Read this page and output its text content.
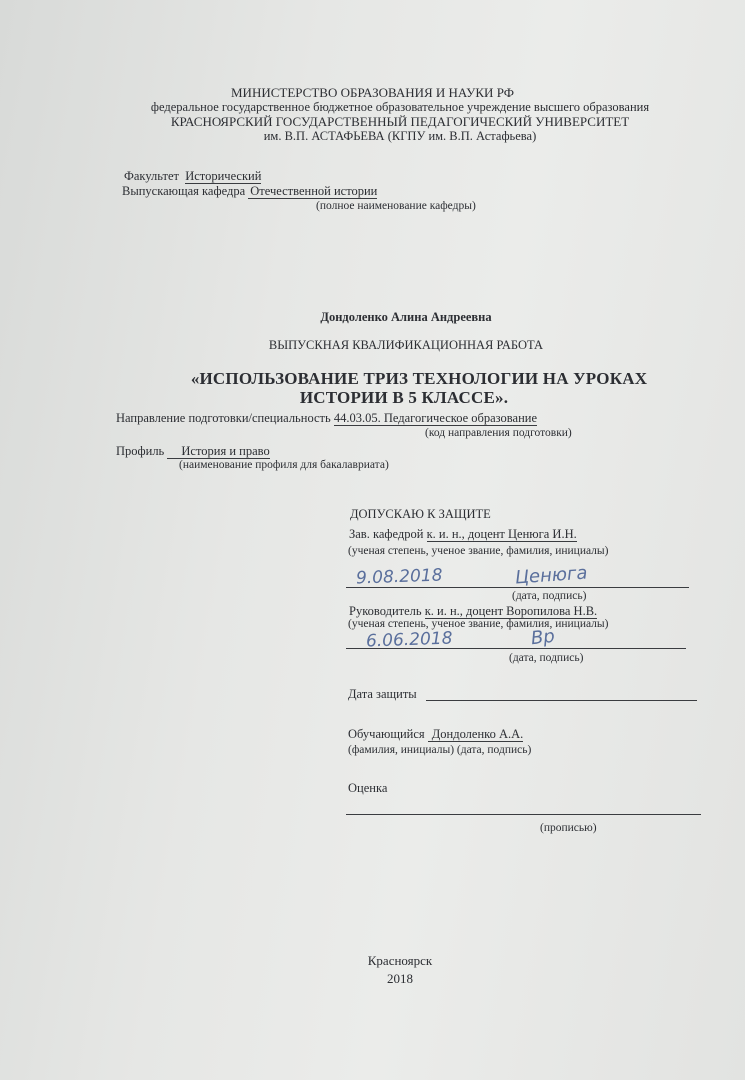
МИНИСТЕРСТВО ОБРАЗОВАНИЯ И НАУКИ РФ
федеральное государственное бюджетное образовательное учреждение высшего образования
КРАСНОЯРСКИЙ ГОСУДАРСТВЕННЫЙ ПЕДАГОГИЧЕСКИЙ УНИВЕРСИТЕТ
им. В.П. АСТАФЬЕВА (КГПУ им. В.П. Астафьева)
Факультет Исторический
Выпускающая кафедра Отечественной истории
(полное наименование кафедры)
Дондоленко Алина Андреевна
ВЫПУСКНАЯ КВАЛИФИКАЦИОННАЯ РАБОТА
«ИСПОЛЬЗОВАНИЕ ТРИЗ ТЕХНОЛОГИИ НА УРОКАХ
ИСТОРИИ В 5 КЛАССЕ».
Направление подготовки/специальность 44.03.05. Педагогическое образование
(код направления подготовки)
Профиль История и право
(наименование профиля для бакалавриата)
ДОПУСКАЮ К ЗАЩИТЕ
Зав. кафедрой к. и. н., доцент Ценюга И.Н.
(ученая степень, ученое звание, фамилия, инициалы)
9.08.2018	Ценюга
(дата, подпись)
Руководитель к. и. н., доцент Воропилова Н.В.
(ученая степень, ученое звание, фамилия, инициалы)
6.06.2018	Вр
(дата, подпись)
Дата защиты
Обучающийся Дондоленко А.А.
(фамилия, инициалы) (дата, подпись)
Оценка
(прописью)
Красноярск
2018
